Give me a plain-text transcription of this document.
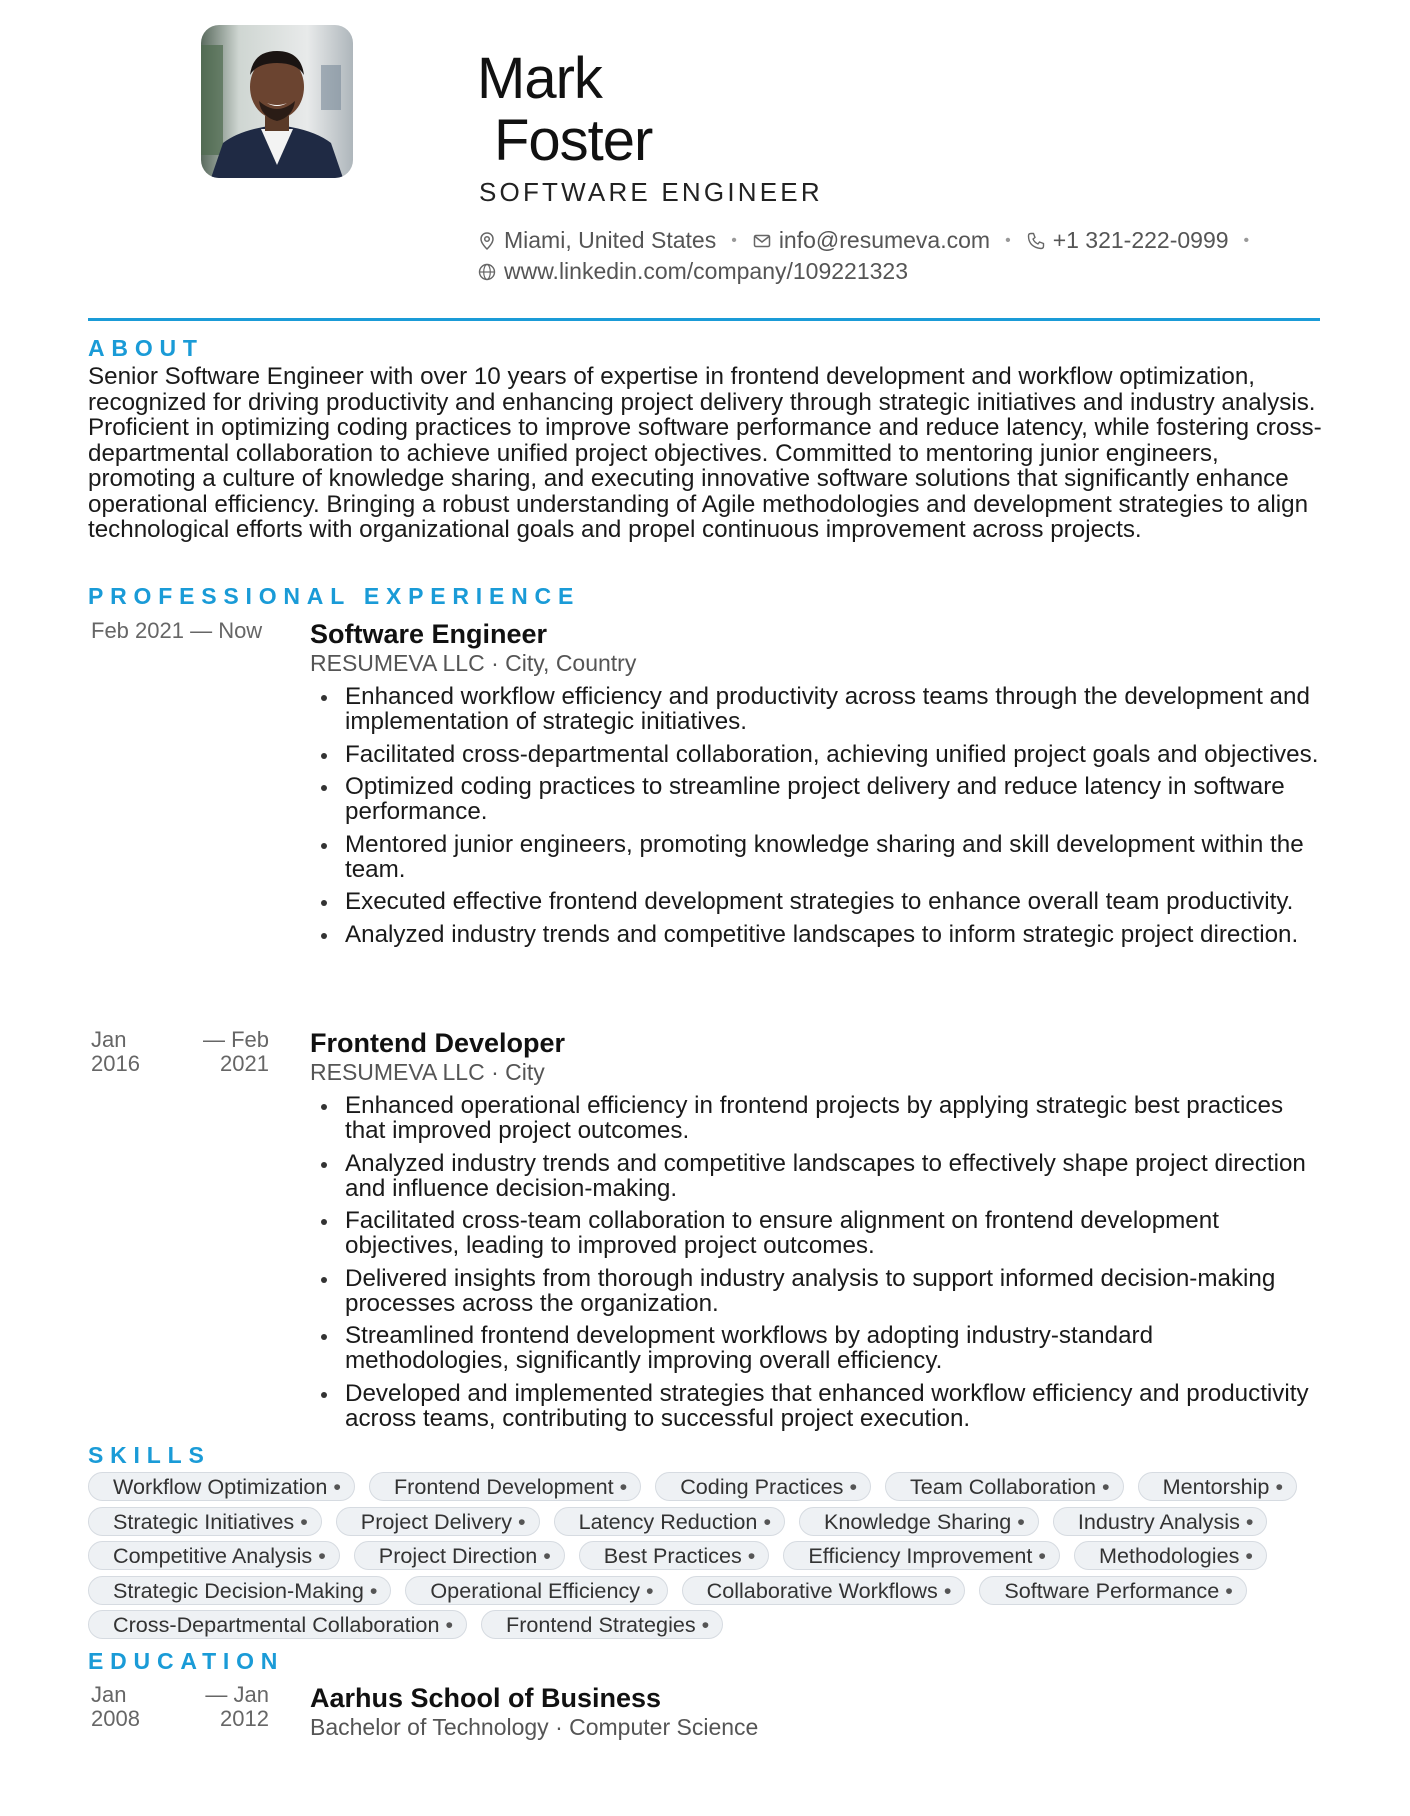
Mark
Foster
SOFTWARE ENGINEER
Miami, United States • info@resumeva.com • +1 321-222-0999 •
www.linkedin.com/company/109221323
ABOUT
Senior Software Engineer with over 10 years of expertise in frontend development and workflow optimization, recognized for driving productivity and enhancing project delivery through strategic initiatives and industry analysis. Proficient in optimizing coding practices to improve software performance and reduce latency, while fostering cross-departmental collaboration to achieve unified project objectives. Committed to mentoring junior engineers, promoting a culture of knowledge sharing, and executing innovative software solutions that significantly enhance operational efficiency. Bringing a robust understanding of Agile methodologies and development strategies to align technological efforts with organizational goals and propel continuous improvement across projects.
PROFESSIONAL EXPERIENCE
Feb 2021 — Now	Software Engineer
RESUMEVA LLC · City, Country
Enhanced workflow efficiency and productivity across teams through the development and implementation of strategic initiatives.
Facilitated cross-departmental collaboration, achieving unified project goals and objectives.
Optimized coding practices to streamline project delivery and reduce latency in software performance.
Mentored junior engineers, promoting knowledge sharing and skill development within the team.
Executed effective frontend development strategies to enhance overall team productivity.
Analyzed industry trends and competitive landscapes to inform strategic project direction.
Jan	— Feb
2016	2021
Frontend Developer
RESUMEVA LLC · City
Enhanced operational efficiency in frontend projects by applying strategic best practices that improved project outcomes.
Analyzed industry trends and competitive landscapes to effectively shape project direction and influence decision-making.
Facilitated cross-team collaboration to ensure alignment on frontend development objectives, leading to improved project outcomes.
Delivered insights from thorough industry analysis to support informed decision-making processes across the organization.
Streamlined frontend development workflows by adopting industry-standard methodologies, significantly improving overall efficiency.
Developed and implemented strategies that enhanced workflow efficiency and productivity across teams, contributing to successful project execution.
SKILLS
Workflow Optimization •	Frontend Development •	Coding Practices •	Team Collaboration •	Mentorship •
Strategic Initiatives •	Project Delivery •	Latency Reduction •	Knowledge Sharing •	Industry Analysis •
Competitive Analysis •	Project Direction •	Best Practices •	Efficiency Improvement •	Methodologies •
Strategic Decision-Making •	Operational Efficiency •	Collaborative Workflows •	Software Performance •
Cross-Departmental Collaboration •	Frontend Strategies •
EDUCATION
Jan	— Jan
2008	2012
Aarhus School of Business
Bachelor of Technology · Computer Science
